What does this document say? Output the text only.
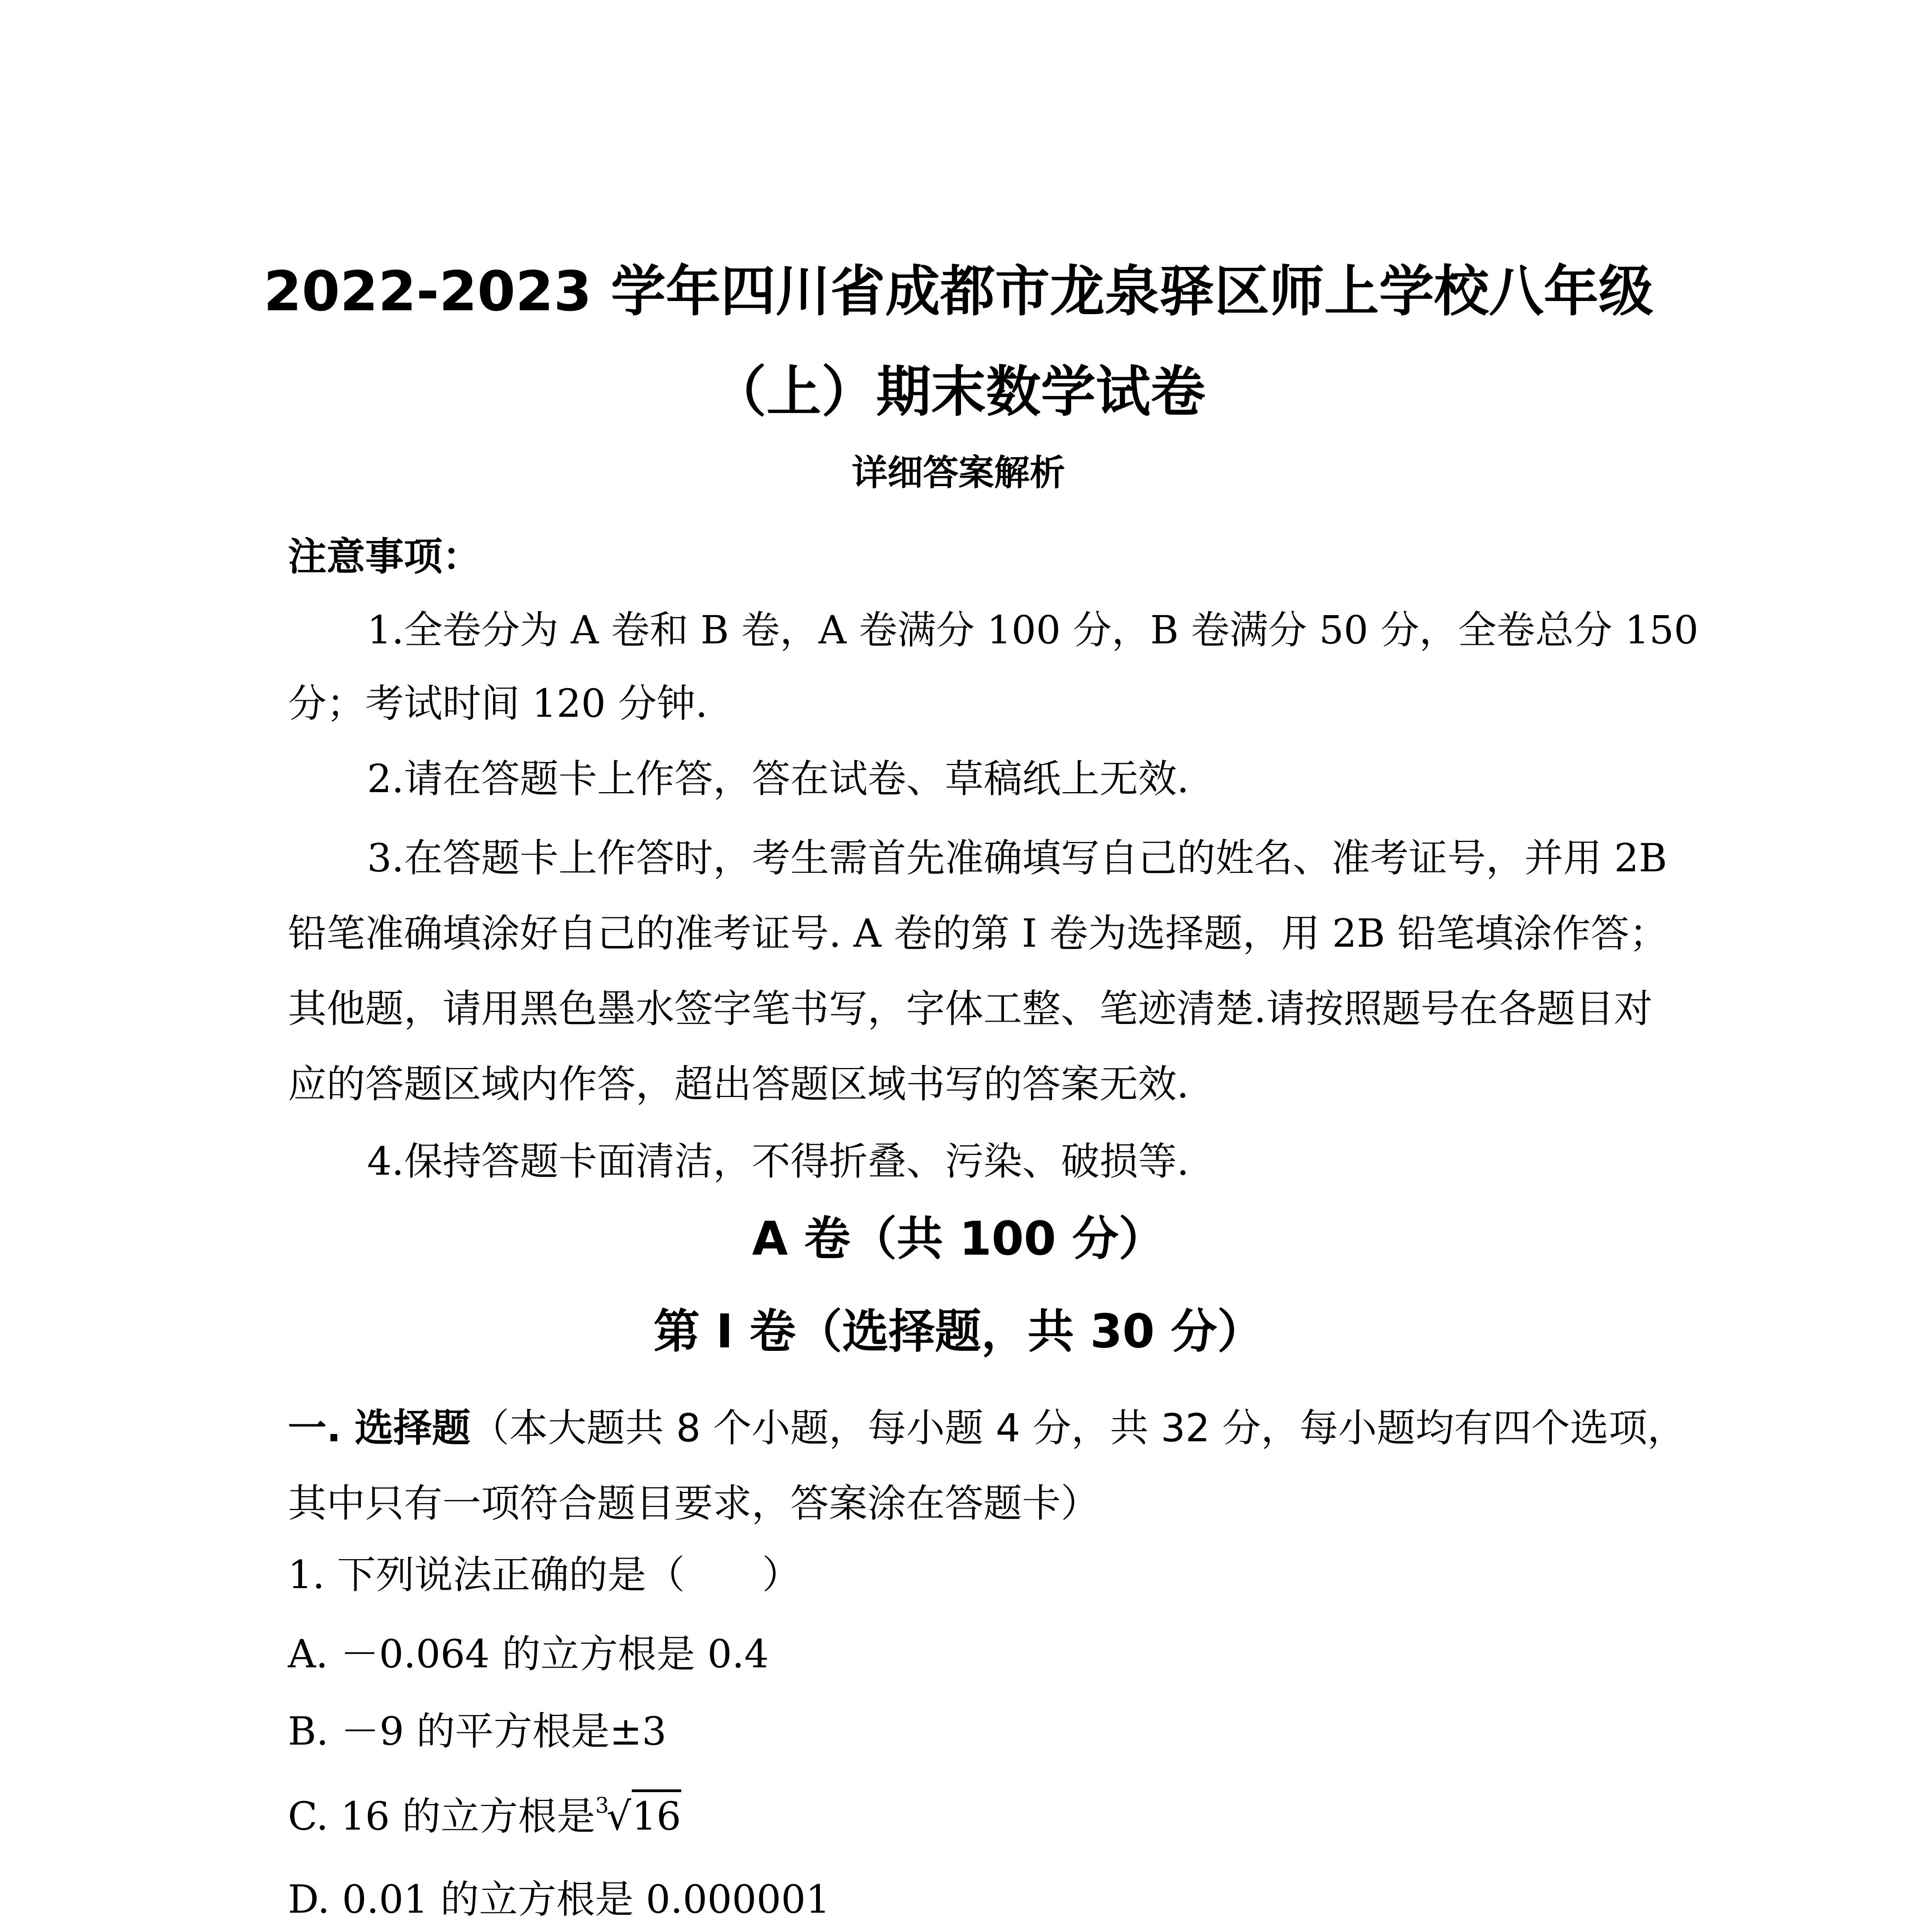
2022-2023 学年四川省成都市龙泉驿区师上学校八年级
（上）期末数学试卷
详细答案解析
注意事项：
1.全卷分为 A 卷和 B 卷，A 卷满分 100 分，B 卷满分 50 分，全卷总分 150
分；考试时间 120 分钟.
2.请在答题卡上作答，答在试卷、草稿纸上无效.
3.在答题卡上作答时，考生需首先准确填写自己的姓名、准考证号，并用 2B
铅笔准确填涂好自己的准考证号. A 卷的第 I 卷为选择题，用 2B 铅笔填涂作答；
其他题，请用黑色墨水签字笔书写，字体工整、笔迹清楚.请按照题号在各题目对
应的答题区域内作答，超出答题区域书写的答案无效.
4.保持答题卡面清洁，不得折叠、污染、破损等.
A 卷（共 100 分）
第 I 卷（选择题，共 30 分）
一. 选择题（本大题共 8 个小题，每小题 4 分，共 32 分，每小题均有四个选项，
其中只有一项符合题目要求，答案涂在答题卡）
1. 下列说法正确的是（　　）
A. －0.064 的立方根是 0.4
B. －9 的平方根是±3
C. 16 的立方根是$^3$√16
D. 0.01 的立方根是 0.000001
